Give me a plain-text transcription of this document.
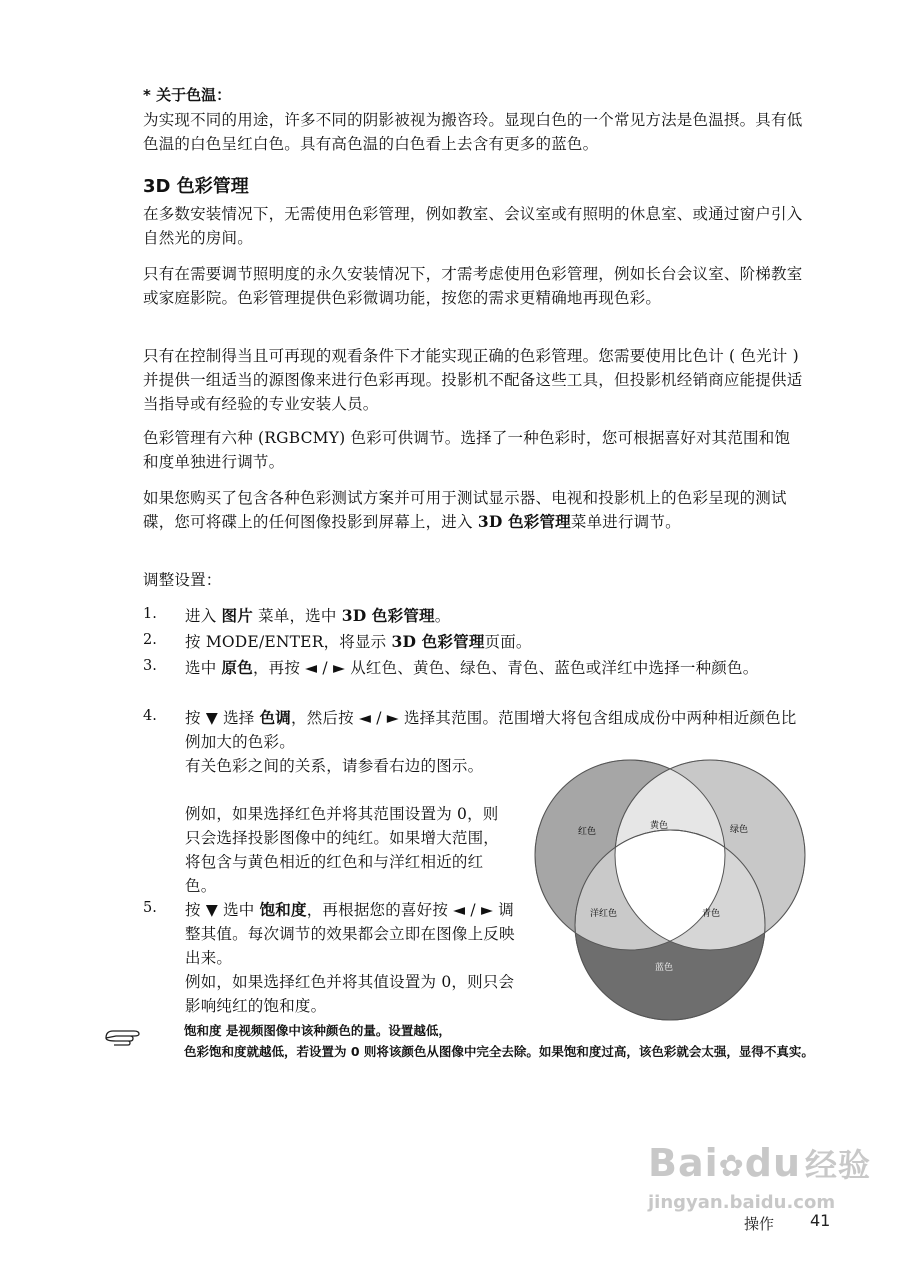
* 关于色温：
为实现不同的用途，许多不同的阴影被视为搬咨玲。显现白色的一个常见方法是色温摂。具有低色温的白色呈红白色。具有高色温的白色看上去含有更多的蓝色。
3D 色彩管理
在多数安装情况下，无需使用色彩管理，例如教室、会议室或有照明的休息室、或通过窗户引入自然光的房间。
只有在需要调节照明度的永久安装情况下，才需考虑使用色彩管理，例如长台会议室、阶梯教室或家庭影院。色彩管理提供色彩微调功能，按您的需求更精确地再现色彩。
只有在控制得当且可再现的观看条件下才能实现正确的色彩管理。您需要使用比色计 ( 色光计 ) 并提供一组适当的源图像来进行色彩再现。投影机不配备这些工具，但投影机经销商应能提供适当指导或有经验的专业安装人员。
色彩管理有六种 (RGBCMY) 色彩可供调节。选择了一种色彩时，您可根据喜好对其范围和饱和度单独进行调节。
如果您购买了包含各种色彩测试方案并可用于测试显示器、电视和投影机上的色彩呈现的测试碟，您可将碟上的任何图像投影到屏幕上，进入 3D 色彩管理菜单进行调节。
调整设置：
1. 进入 图片 菜单，选中 3D 色彩管理。
2. 按 MODE/ENTER，将显示 3D 色彩管理页面。
3. 选中 原色，再按 ◄ / ► 从红色、黄色、绿色、青色、蓝色或洋红中选择一种颜色。
4. 按 ▼ 选择 色调，然后按 ◄ / ► 选择其范围。范围增大将包含组成成份中两种相近颜色比例加大的色彩。
有关色彩之间的关系，请参看右边的图示。
例如，如果选择红色并将其范围设置为 0，则只会选择投影图像中的纯红。如果增大范围，将包含与黄色相近的红色和与洋红相近的红色。
5. 按 ▼ 选中 饱和度，再根据您的喜好按 ◄ / ► 调整其值。每次调节的效果都会立即在图像上反映出来。
例如，如果选择红色并将其值设置为 0，则只会影响纯红的饱和度。
红色	绿色
黄色
洋红色	青色
蓝色
饱和度 是视频图像中该种颜色的量。设置越低，
色彩饱和度就越低，若设置为 0 则将该颜色从图像中完全去除。如果饱和度过高，该色彩就会太强，显得不真实。
Bai✿du 经验
jingyan.baidu.com
操作 41
